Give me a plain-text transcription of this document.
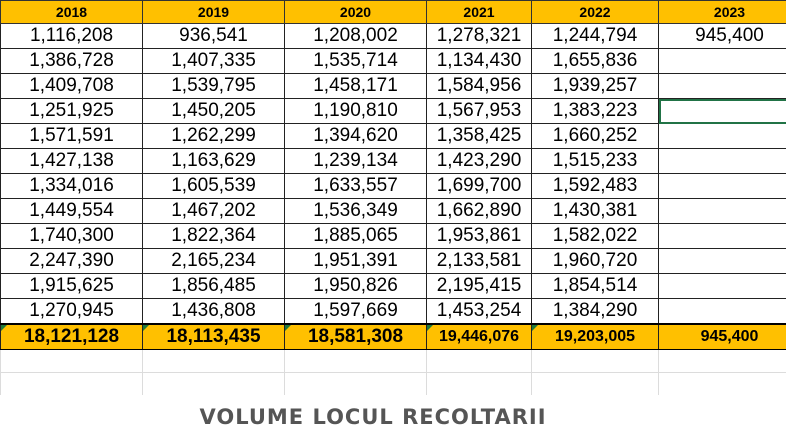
2018	2019	2020	2021	2022	2023
1,116,208	936,541	1,208,002	1,278,321	1,244,794	945,400
1,386,728	1,407,335	1,535,714	1,134,430	1,655,836	
1,409,708	1,539,795	1,458,171	1,584,956	1,939,257	
1,251,925	1,450,205	1,190,810	1,567,953	1,383,223	
1,571,591	1,262,299	1,394,620	1,358,425	1,660,252	
1,427,138	1,163,629	1,239,134	1,423,290	1,515,233	
1,334,016	1,605,539	1,633,557	1,699,700	1,592,483	
1,449,554	1,467,202	1,536,349	1,662,890	1,430,381	
1,740,300	1,822,364	1,885,065	1,953,861	1,582,022	
2,247,390	2,165,234	1,951,391	2,133,581	1,960,720	
1,915,625	1,856,485	1,950,826	2,195,415	1,854,514	
1,270,945	1,436,808	1,597,669	1,453,254	1,384,290	

18,121,128	18,113,435	18,581,308	19,446,076	19,203,005	945,400

VOLUME LOCUL RECOLTARII
